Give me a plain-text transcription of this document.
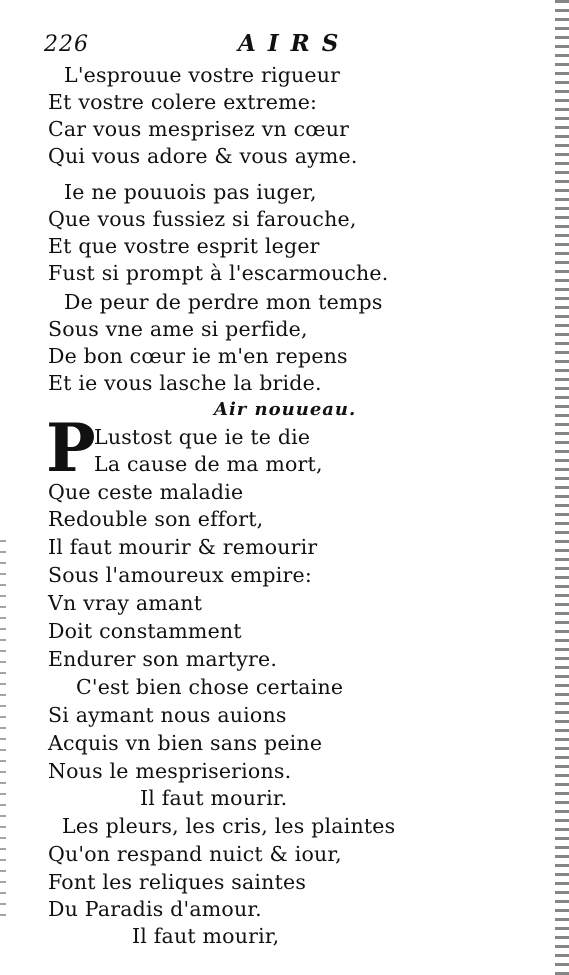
226	AIRS
L'esprouue vostre rigueur
Et vostre colere extreme:
Car vous mesprisez vn cœur
Qui vous adore & vous ayme.
Ie ne pouuois pas iuger,
Que vous fussiez si farouche,
Et que vostre esprit leger
Fust si prompt à l'escarmouche.
De peur de perdre mon temps
Sous vne ame si perfide,
De bon cœur ie m'en repens
Et ie vous lasche la bride.
Air nouueau.
P
Lustost que ie te die
La cause de ma mort,
Que ceste maladie
Redouble son effort,
Il faut mourir & remourir
Sous l'amoureux empire:
Vn vray amant
Doit constamment
Endurer son martyre.
C'est bien chose certaine
Si aymant nous auions
Acquis vn bien sans peine
Nous le mespriserions.
Il faut mourir.
Les pleurs, les cris, les plaintes
Qu'on respand nuict & iour,
Font les reliques saintes
Du Paradis d'amour.
Il faut mourir,
